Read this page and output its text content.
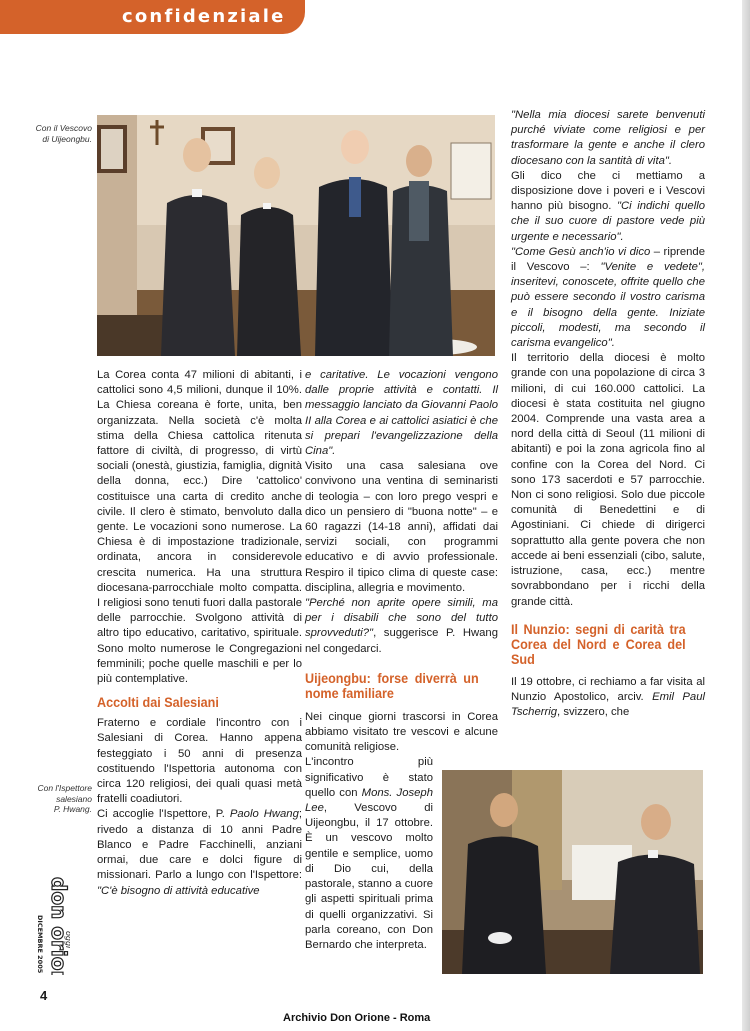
confidenziale
Con il Vescovo
di Uijeongbu.

La Corea conta 47 milioni di abitanti, i cattolici sono 4,5 milioni, dunque il 10%. La Chiesa coreana è forte, unita, ben organizzata. Nella società c'è molta stima della Chiesa cattolica ritenuta fattore di civiltà, di progresso, di virtù sociali (onestà, giustizia, famiglia, dignità della donna, ecc.) Dire 'cattolico' costituisce una carta di credito anche civile. Il clero è stimato, benvoluto dalla gente. Le vocazioni sono numerose. La Chiesa è di impostazione tradizionale, ordinata, ancora in considerevole crescita numerica. Ha una struttura diocesana-parrocchiale molto compatta. I religiosi sono tenuti fuori dalla pastorale delle parrocchie. Svolgono attività di altro tipo educativo, caritativo, spirituale. Sono molto numerose le Congregazioni femminili; poche quelle maschili e per lo più contemplative.

Accolti dai Salesiani

Fraterno e cordiale l'incontro con i Salesiani di Corea. Hanno appena festeggiato i 50 anni di presenza costituendo l'Ispettoria autonoma con circa 120 religiosi, dei quali quasi metà fratelli coadiutori.

Ci accoglie l'Ispettore, P. Paolo Hwang; rivedo a distanza di 10 anni Padre Blanco e Padre Facchinelli, anziani ormai, due care e dolci figure di missionari. Parlo a lungo con l'Ispettore: "C'è bisogno di attività educative

Con l'Ispettore
salesiano
P. Hwang.

e caritative. Le vocazioni vengono dalle proprie attività e contatti. Il messaggio lanciato da Giovanni Paolo II alla Corea e ai cattolici asiatici è che si prepari l'evangelizzazione della Cina".

Visito una casa salesiana ove convivono una ventina di seminaristi di teologia – con loro prego vespri e dico un pensiero di "buona notte" – e 60 ragazzi (14-18 anni), affidati dai servizi sociali, con programmi educativo e di avvio professionale. Respiro il tipico clima di queste case: disciplina, allegria e movimento.

"Perché non aprite opere simili, ma per i disabili che sono del tutto sprovveduti?", suggerisce P. Hwang nel congedarci.

Uijeongbu: forse diverrà un nome familiare

Nei cinque giorni trascorsi in Corea abbiamo visitato tre vescovi e alcune comunità religiose.

L'incontro più significativo è stato quello con Mons. Joseph Lee, Vescovo di Uijeongbu, il 17 ottobre. È un vescovo molto gentile e semplice, uomo di Dio cui, della pastorale, stanno a cuore gli aspetti spirituali prima di quelli organizzativi. Si parla coreano, con Don Bernardo che interpreta.

"Nella mia diocesi sarete benvenuti purché viviate come religiosi e per trasformare la gente e anche il clero diocesano con la santità di vita".

Gli dico che ci mettiamo a disposizione dove i poveri e i Vescovi hanno più bisogno. "Ci indichi quello che il suo cuore di pastore vede più urgente e necessario".

"Come Gesù anch'io vi dico – riprende il Vescovo –: "Venite e vedete", inseritevi, conoscete, offrite quello che può essere secondo il vostro carisma e il bisogno della gente. Iniziate piccoli, modesti, ma secondo il carisma evangelico".

Il territorio della diocesi è molto grande con una popolazione di circa 3 milioni, di cui 160.000 cattolici. La diocesi è stata costituita nel giugno 2004. Comprende una vasta area a nord della città di Seoul (11 milioni di abitanti) e poi la zona agricola fino al confine con la Corea del Nord. Ci sono 173 sacerdoti e 57 parrocchie. Non ci sono religiosi. Solo due piccole comunità di Benedettini e di Agostiniani. Ci chiede di dirigerci soprattutto alla gente povera che non accede ai beni essenziali (cibo, salute, istruzione, casa, ecc.) mentre sovrabbondano per i ricchi della grande città.

Il Nunzio: segni di carità tra Corea del Nord e Corea del Sud

Il 19 ottobre, ci rechiamo a far visita al Nunzio Apostolico, arciv. Emil Paul Tscherrig, svizzero, che

don orione
oggi
DICEMBRE 2005
4
Archivio Don Orione - Roma
